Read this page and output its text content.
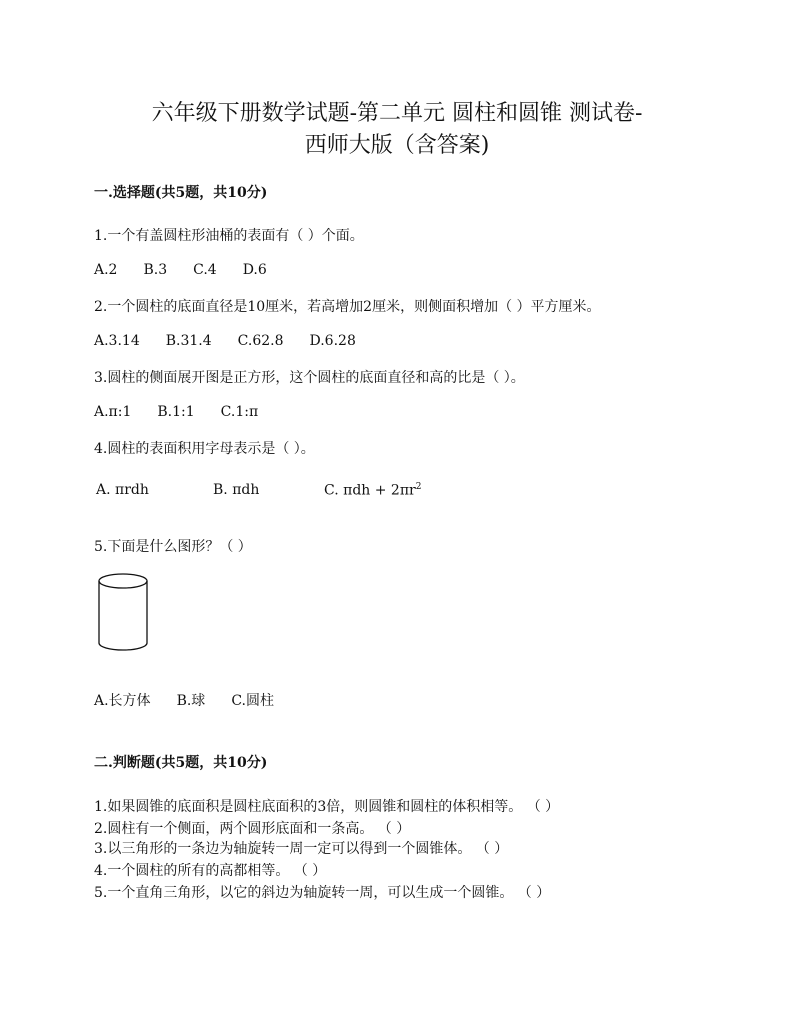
六年级下册数学试题-第二单元 圆柱和圆锥 测试卷-
西师大版（含答案)
一.选择题(共5题，共10分)
1.一个有盖圆柱形油桶的表面有（ ）个面。
A.2 B.3 C.4 D.6
2.一个圆柱的底面直径是10厘米，若高增加2厘米，则侧面积增加（ ）平方厘米。
A.3.14 B.31.4 C.62.8 D.6.28
3.圆柱的侧面展开图是正方形，这个圆柱的底面直径和高的比是（ ）。
A.π:1 B.1:1 C.1:π
4.圆柱的表面积用字母表示是（ ）。
A. πrdh	B. πdh	C. $\pi dh + 2\pi r^2$
5.下面是什么图形？（ ）
A.长方体 B.球 C.圆柱
二.判断题(共5题，共10分)
1.如果圆锥的底面积是圆柱底面积的3倍，则圆锥和圆柱的体积相等。 （ ）
2.圆柱有一个侧面，两个圆形底面和一条高。 （ ）
3.以三角形的一条边为轴旋转一周一定可以得到一个圆锥体。 （ ）
4.一个圆柱的所有的高都相等。 （ ）
5.一个直角三角形，以它的斜边为轴旋转一周，可以生成一个圆锥。 （ ）
